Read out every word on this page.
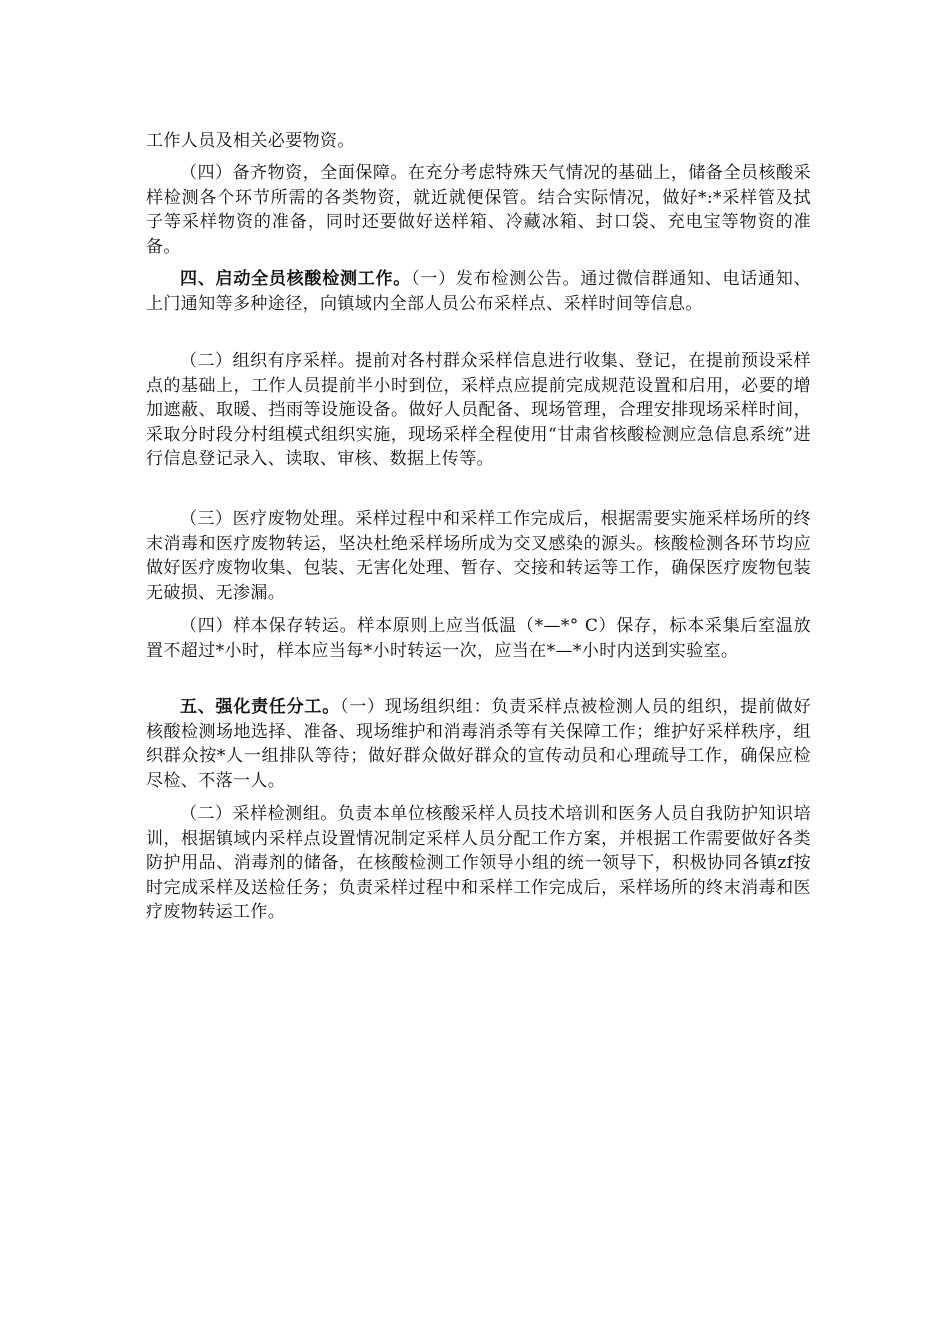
工作人员及相关必要物资。

（四）备齐物资，全面保障。在充分考虑特殊天气情况的基础上，储备全员核酸采样检测各个环节所需的各类物资，就近就便保管。结合实际情况，做好*:*采样管及拭子等采样物资的准备，同时还要做好送样箱、冷藏冰箱、封口袋、充电宝等物资的准备。

四、启动全员核酸检测工作。（一）发布检测公告。通过微信群通知、电话通知、上门通知等多种途径，向镇域内全部人员公布采样点、采样时间等信息。

（二）组织有序采样。提前对各村群众采样信息进行收集、登记，在提前预设采样点的基础上，工作人员提前半小时到位，采样点应提前完成规范设置和启用，必要的增加遮蔽、取暖、挡雨等设施设备。做好人员配备、现场管理，合理安排现场采样时间，采取分时段分村组模式组织实施，现场采样全程使用“甘肃省核酸检测应急信息系统”进行信息登记录入、读取、审核、数据上传等。

（三）医疗废物处理。采样过程中和采样工作完成后，根据需要实施采样场所的终末消毒和医疗废物转运，坚决杜绝采样场所成为交叉感染的源头。核酸检测各环节均应做好医疗废物收集、包装、无害化处理、暂存、交接和转运等工作，确保医疗废物包装无破损、无渗漏。

（四）样本保存转运。样本原则上应当低温（*—*° C）保存，标本采集后室温放置不超过*小时，样本应当每*小时转运一次，应当在*—*小时内送到实验室。

五、强化责任分工。（一）现场组织组：负责采样点被检测人员的组织，提前做好核酸检测场地选择、准备、现场维护和消毒消杀等有关保障工作；维护好采样秩序，组织群众按*人一组排队等待；做好群众做好群众的宣传动员和心理疏导工作，确保应检尽检、不落一人。

（二）采样检测组。负责本单位核酸采样人员技术培训和医务人员自我防护知识培训，根据镇域内采样点设置情况制定采样人员分配工作方案，并根据工作需要做好各类防护用品、消毒剂的储备，在核酸检测工作领导小组的统一领导下，积极协同各镇zf按时完成采样及送检任务；负责采样过程中和采样工作完成后，采样场所的终末消毒和医疗废物转运工作。
